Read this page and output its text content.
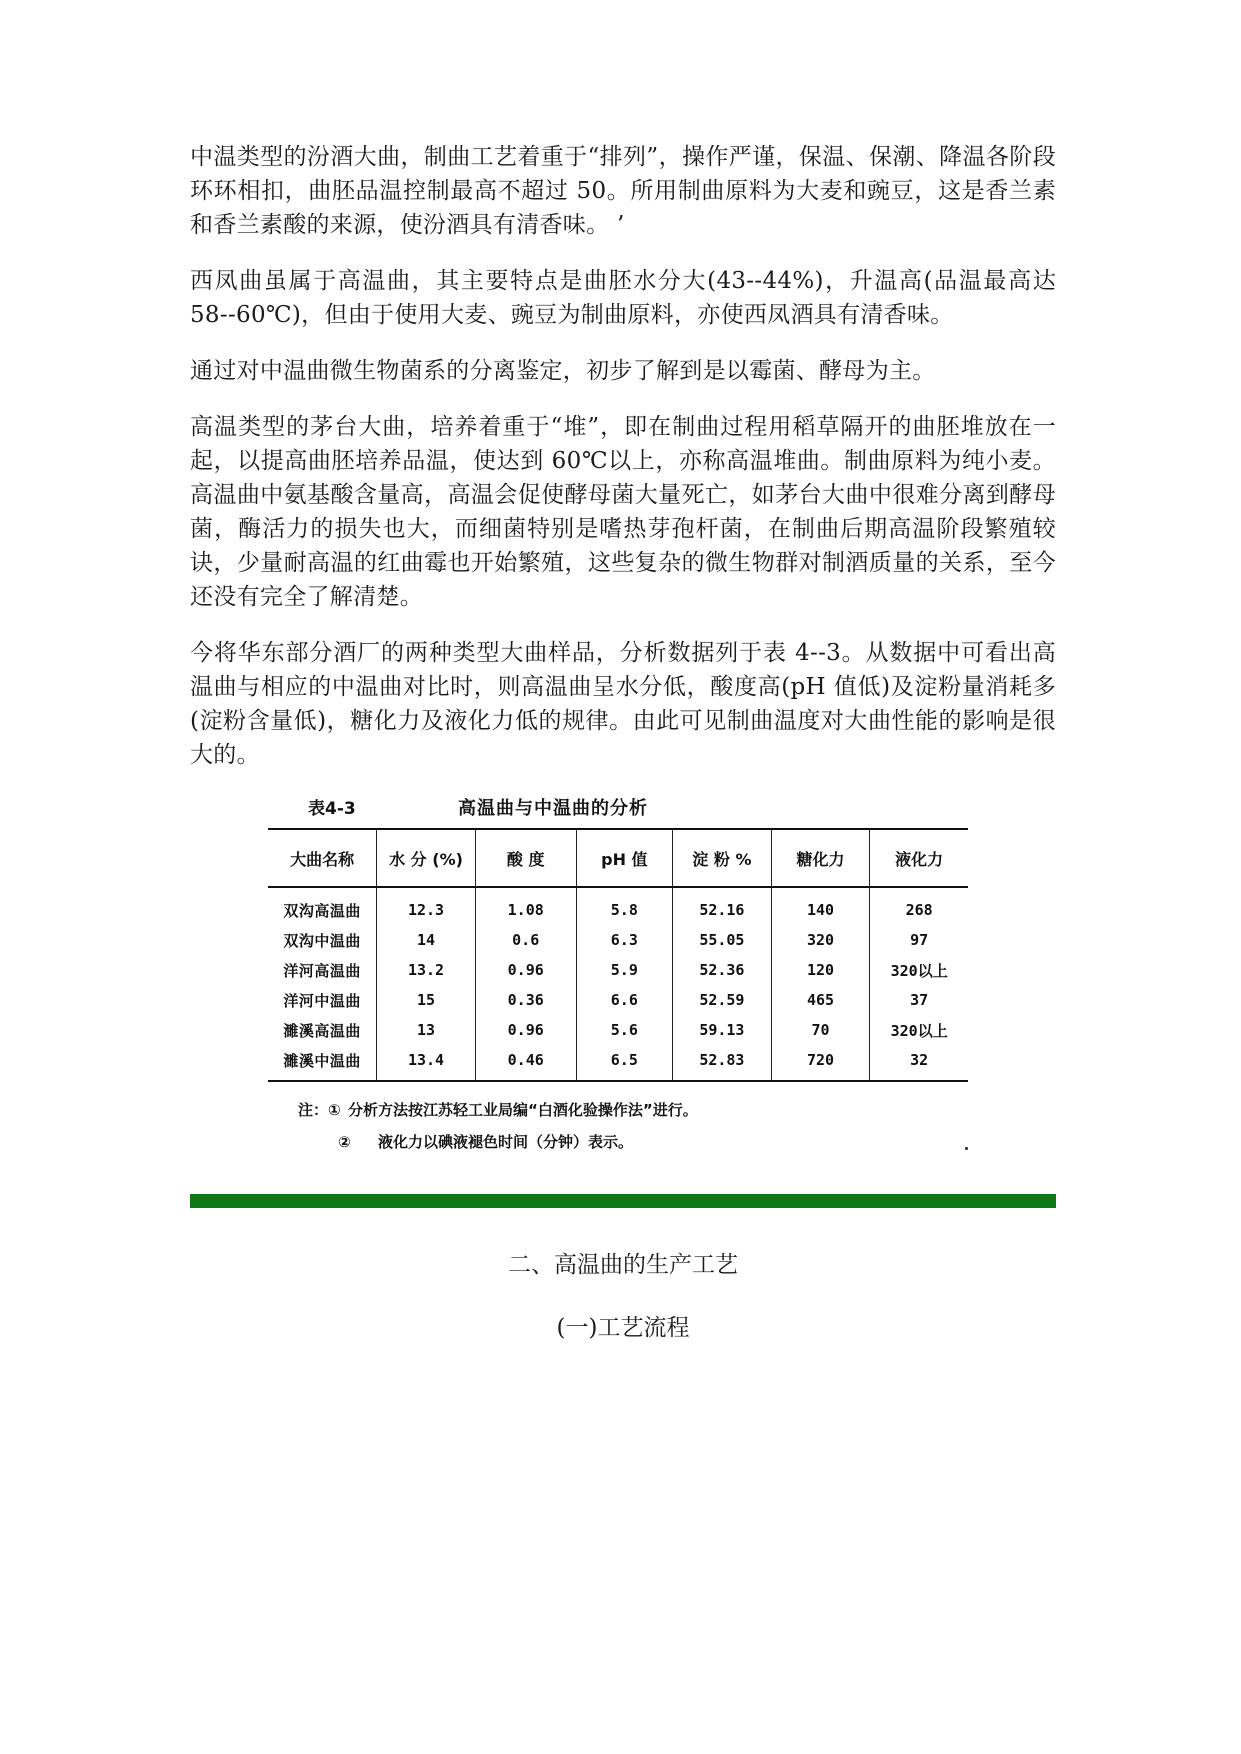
中温类型的汾酒大曲，制曲工艺着重于“排列”，操作严谨，保温、保潮、降温各阶段环环相扣，曲胚品温控制最高不超过 50。所用制曲原料为大麦和豌豆，这是香兰素和香兰素酸的来源，使汾酒具有清香味。 ’

西凤曲虽属于高温曲，其主要特点是曲胚水分大(43--44%)，升温高(品温最高达 58--60℃)，但由于使用大麦、豌豆为制曲原料，亦使西凤酒具有清香味。

通过对中温曲微生物菌系的分离鉴定，初步了解到是以霉菌、酵母为主。

高温类型的茅台大曲，培养着重于“堆”，即在制曲过程用稻草隔开的曲胚堆放在一起，以提高曲胚培养品温，使达到 60℃以上，亦称高温堆曲。制曲原料为纯小麦。高温曲中氨基酸含量高，高温会促使酵母菌大量死亡，如茅台大曲中很难分离到酵母菌，酶活力的损失也大，而细菌特别是嗜热芽孢杆菌，在制曲后期高温阶段繁殖较诀，少量耐高温的红曲霉也开始繁殖，这些复杂的微生物群对制酒质量的关系，至今还没有完全了解清楚。

今将华东部分酒厂的两种类型大曲样品，分析数据列于表 4--3。从数据中可看出高温曲与相应的中温曲对比时，则高温曲呈水分低，酸度高(pH 值低)及淀粉量消耗多(淀粉含量低)，糖化力及液化力低的规律。由此可见制曲温度对大曲性能的影响是很大的。

表4-3	高温曲与中温曲的分析
大曲名称	水 分 (%)	酸 度	pH 值	淀 粉 %	糖化力	液化力
双沟高温曲	12.3	1.08	5.8	52.16	140	268
双沟中温曲	14	0.6	6.3	55.05	320	97
洋河高温曲	13.2	0.96	5.9	52.36	120	320以上
洋河中温曲	15	0.36	6.6	52.59	465	37
濉溪高温曲	13	0.96	5.6	59.13	70	320以上
濉溪中温曲	13.4	0.46	6.5	52.83	720	32
注：① 分析方法按江苏轻工业局编“白酒化验操作法”进行。
②	液化力以碘液褪色时间（分钟）表示。

二、高温曲的生产工艺

(一)工艺流程
